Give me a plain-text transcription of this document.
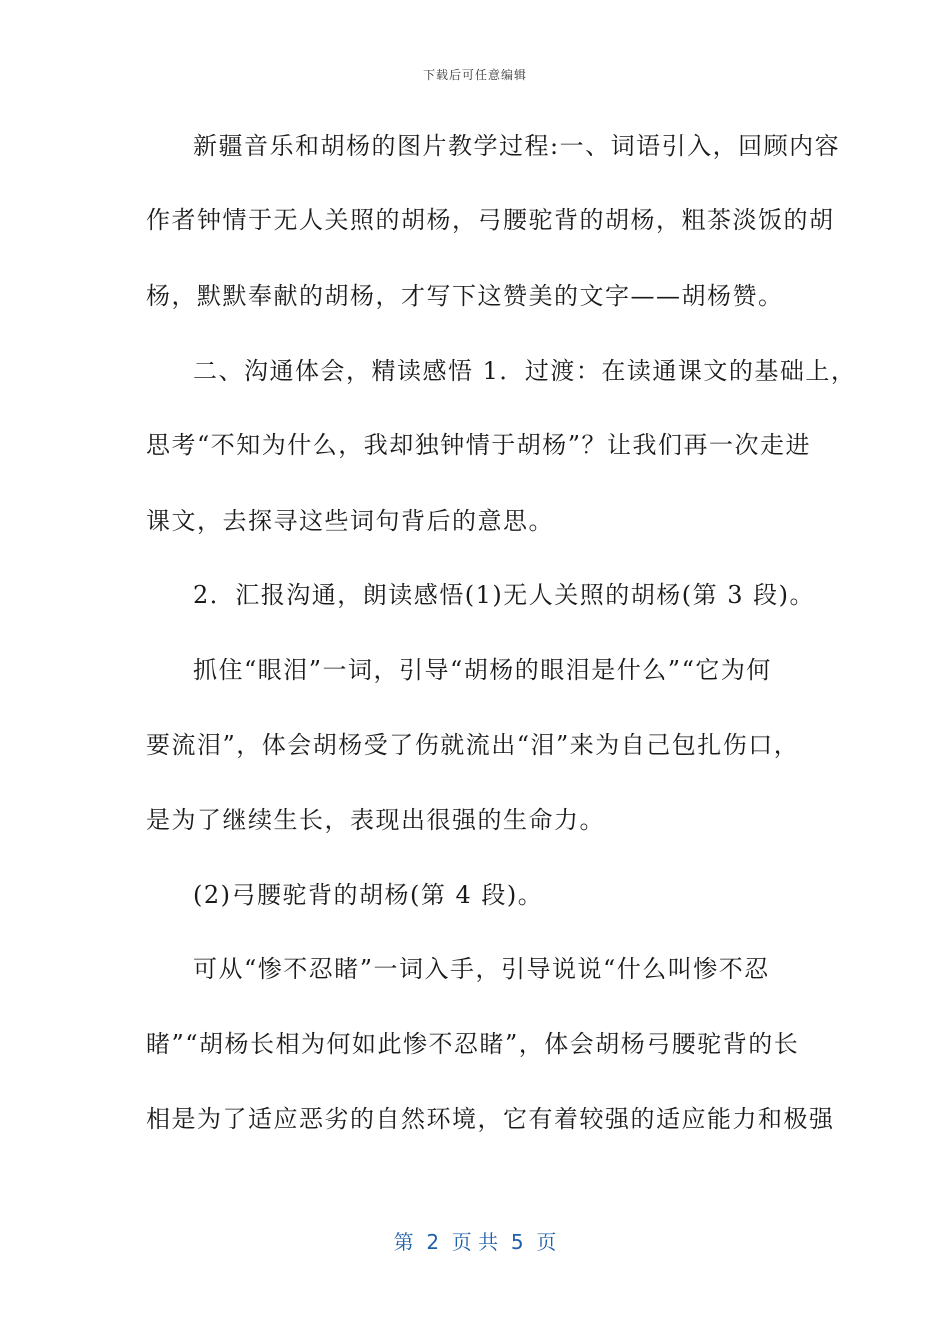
下载后可任意编辑
新疆音乐和胡杨的图片教学过程:一、词语引入，回顾内容
作者钟情于无人关照的胡杨，弓腰驼背的胡杨，粗茶淡饭的胡
杨，默默奉献的胡杨，才写下这赞美的文字——胡杨赞。
二、沟通体会，精读感悟 1．过渡：在读通课文的基础上，
思考“不知为什么，我却独钟情于胡杨”？让我们再一次走进
课文，去探寻这些词句背后的意思。
2．汇报沟通，朗读感悟(1)无人关照的胡杨(第 3 段)。
抓住“眼泪”一词，引导“胡杨的眼泪是什么”“它为何
要流泪”，体会胡杨受了伤就流出“泪”来为自己包扎伤口，
是为了继续生长，表现出很强的生命力。
(2)弓腰驼背的胡杨(第 4 段)。
可从“惨不忍睹”一词入手，引导说说“什么叫惨不忍
睹”“胡杨长相为何如此惨不忍睹”，体会胡杨弓腰驼背的长
相是为了适应恶劣的自然环境，它有着较强的适应能力和极强
第  2  页 共  5  页
